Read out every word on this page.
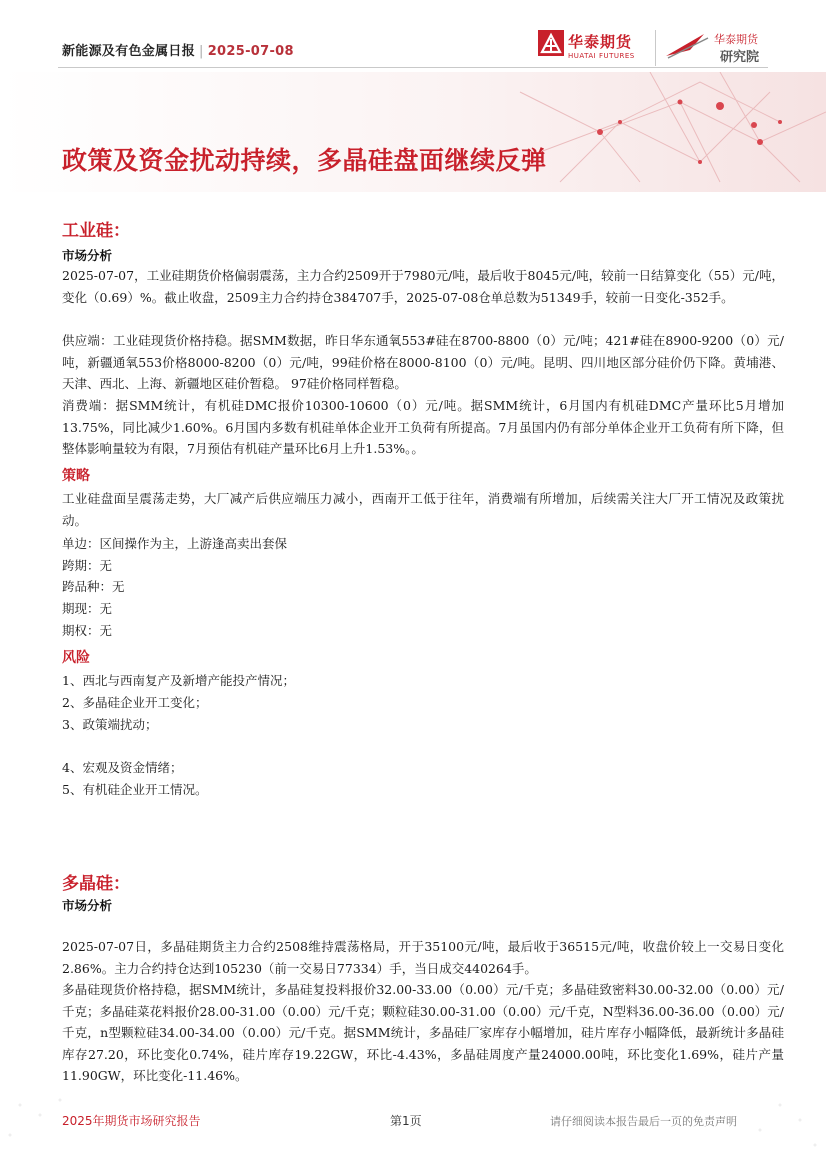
新能源及有色金属日报 | 2025-07-08
华泰期货
HUATAI FUTURES
华泰期货
研究院
政策及资金扰动持续，多晶硅盘面继续反弹
工业硅：
市场分析
2025-07-07，工业硅期货价格偏弱震荡，主力合约2509开于7980元/吨，最后收于8045元/吨，较前一日结算变化（55）元/吨，变化（0.69）%。截止收盘，2509主力合约持仓384707手，2025-07-08仓单总数为51349手，较前一日变化-352手。
供应端：工业硅现货价格持稳。据SMM数据，昨日华东通氧553#硅在8700-8800（0）元/吨；421#硅在8900-9200（0）元/吨，新疆通氧553价格8000-8200（0）元/吨，99硅价格在8000-8100（0）元/吨。昆明、四川地区部分硅价仍下降。黄埔港、天津、西北、上海、新疆地区硅价暂稳。 97硅价格同样暂稳。
消费端：据SMM统计，有机硅DMC报价10300-10600（0）元/吨。据SMM统计，6月国内有机硅DMC产量环比5月增加13.75%，同比减少1.60%。6月国内多数有机硅单体企业开工负荷有所提高。7月虽国内仍有部分单体企业开工负荷有所下降，但整体影响量较为有限，7月预估有机硅产量环比6月上升1.53%。。
策略
工业硅盘面呈震荡走势，大厂减产后供应端压力减小，西南开工低于往年，消费端有所增加，后续需关注大厂开工情况及政策扰动。
单边：区间操作为主，上游逢高卖出套保
跨期：无
跨品种：无
期现：无
期权：无
风险
1、西北与西南复产及新增产能投产情况；
2、多晶硅企业开工变化；
3、政策端扰动；
4、宏观及资金情绪；
5、有机硅企业开工情况。
多晶硅：
市场分析
2025-07-07日，多晶硅期货主力合约2508维持震荡格局，开于35100元/吨，最后收于36515元/吨，收盘价较上一交易日变化2.86%。主力合约持仓达到105230（前一交易日77334）手，当日成交440264手。
多晶硅现货价格持稳，据SMM统计，多晶硅复投料报价32.00-33.00（0.00）元/千克；多晶硅致密料30.00-32.00（0.00）元/千克；多晶硅菜花料报价28.00-31.00（0.00）元/千克；颗粒硅30.00-31.00（0.00）元/千克，N型料36.00-36.00（0.00）元/千克，n型颗粒硅34.00-34.00（0.00）元/千克。据SMM统计，多晶硅厂家库存小幅增加，硅片库存小幅降低，最新统计多晶硅库存27.20，环比变化0.74%，硅片库存19.22GW，环比-4.43%，多晶硅周度产量24000.00吨，环比变化1.69%，硅片产量11.90GW，环比变化-11.46%。
2025年期货市场研究报告	第1页	请仔细阅读本报告最后一页的免责声明
